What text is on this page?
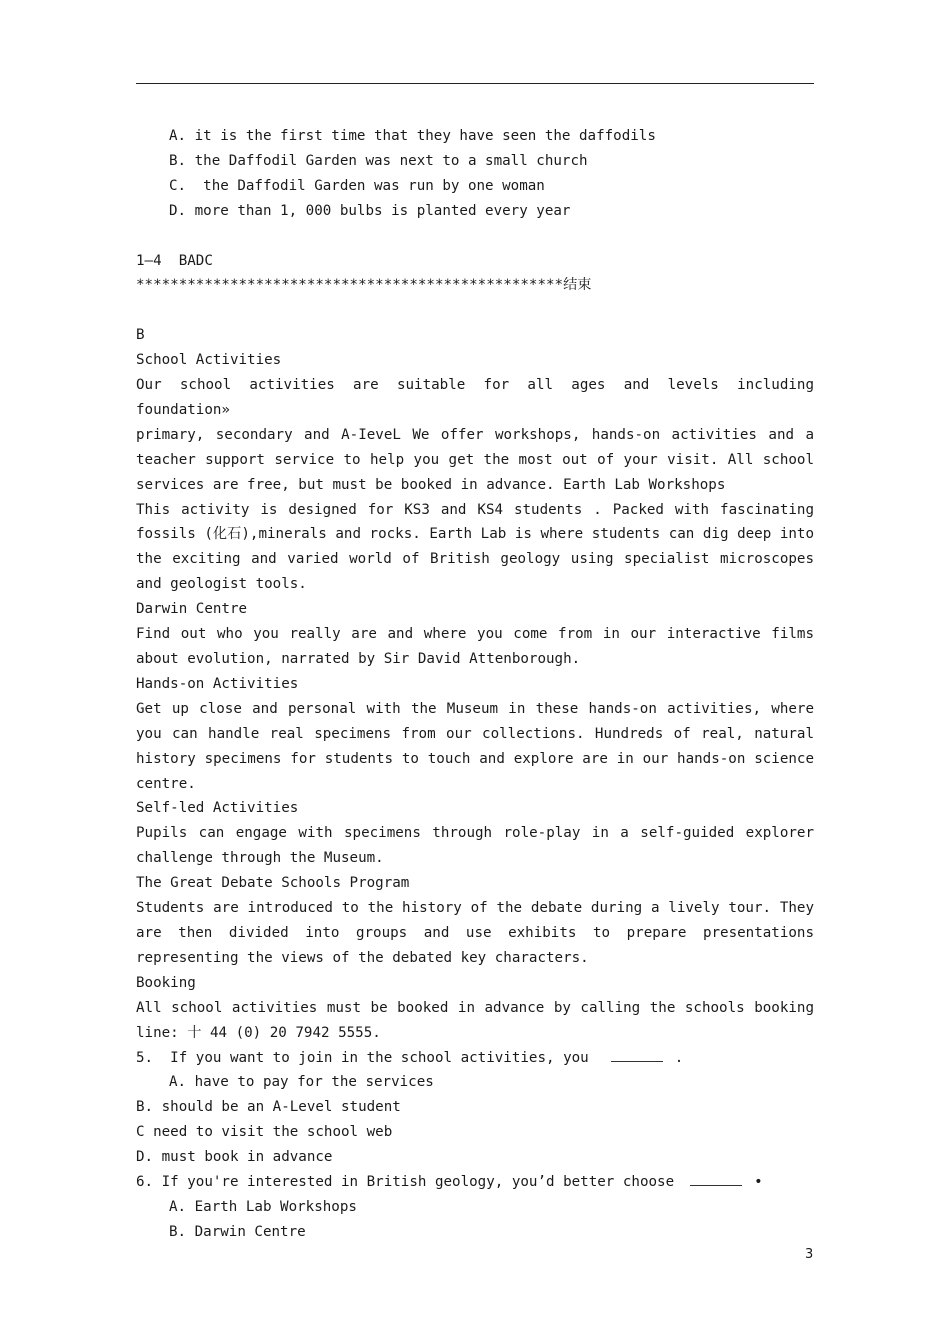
A. it is the first time that they have seen the daffodils
B. the Daffodil Garden was next to a small church
C.  the Daffodil Garden was run by one woman
D. more than 1, 000 bulbs is planted every year
1—4  BADC
**************************************************结束
B
School Activities
Our school activities are suitable for all ages and levels including foundation»
primary, secondary and A-IeveL We offer workshops, hands-on activities and a
teacher support service to help you get the most out of your visit. All school
services are free, but must be booked in advance. Earth Lab Workshops
This activity is designed for KS3 and KS4 students . Packed with fascinating
fossils (化石),minerals and rocks. Earth Lab is where students can dig deep into
the exciting and varied world of British geology using specialist microscopes
and geologist tools.
Darwin Centre
Find out who you really are and where you come from in our interactive films
about evolution, narrated by Sir David Attenborough.
Hands-on Activities
Get up close and personal with the Museum in these hands-on activities, where
you can handle real specimens from our collections. Hundreds of real, natural
history specimens for students to touch and explore are in our hands-on science
centre.
Self-led Activities
Pupils can engage with specimens through role-play in a self-guided explorer
challenge through the Museum.
The Great Debate Schools Program
Students are introduced to the history of the debate during a lively tour. They
are then divided into groups and use exhibits to prepare presentations
representing the views of the debated key characters.
Booking
All school activities must be booked in advance by calling the schools booking
line: 十 44 (0) 20 7942 5555.
5.  If you want to join in the school activities, you	.
A. have to pay for the services
B. should be an A-Level student
C need to visit the school web
D. must book in advance
6. If you're interested in British geology, you’d better choose	•
A. Earth Lab Workshops
B. Darwin Centre
3
